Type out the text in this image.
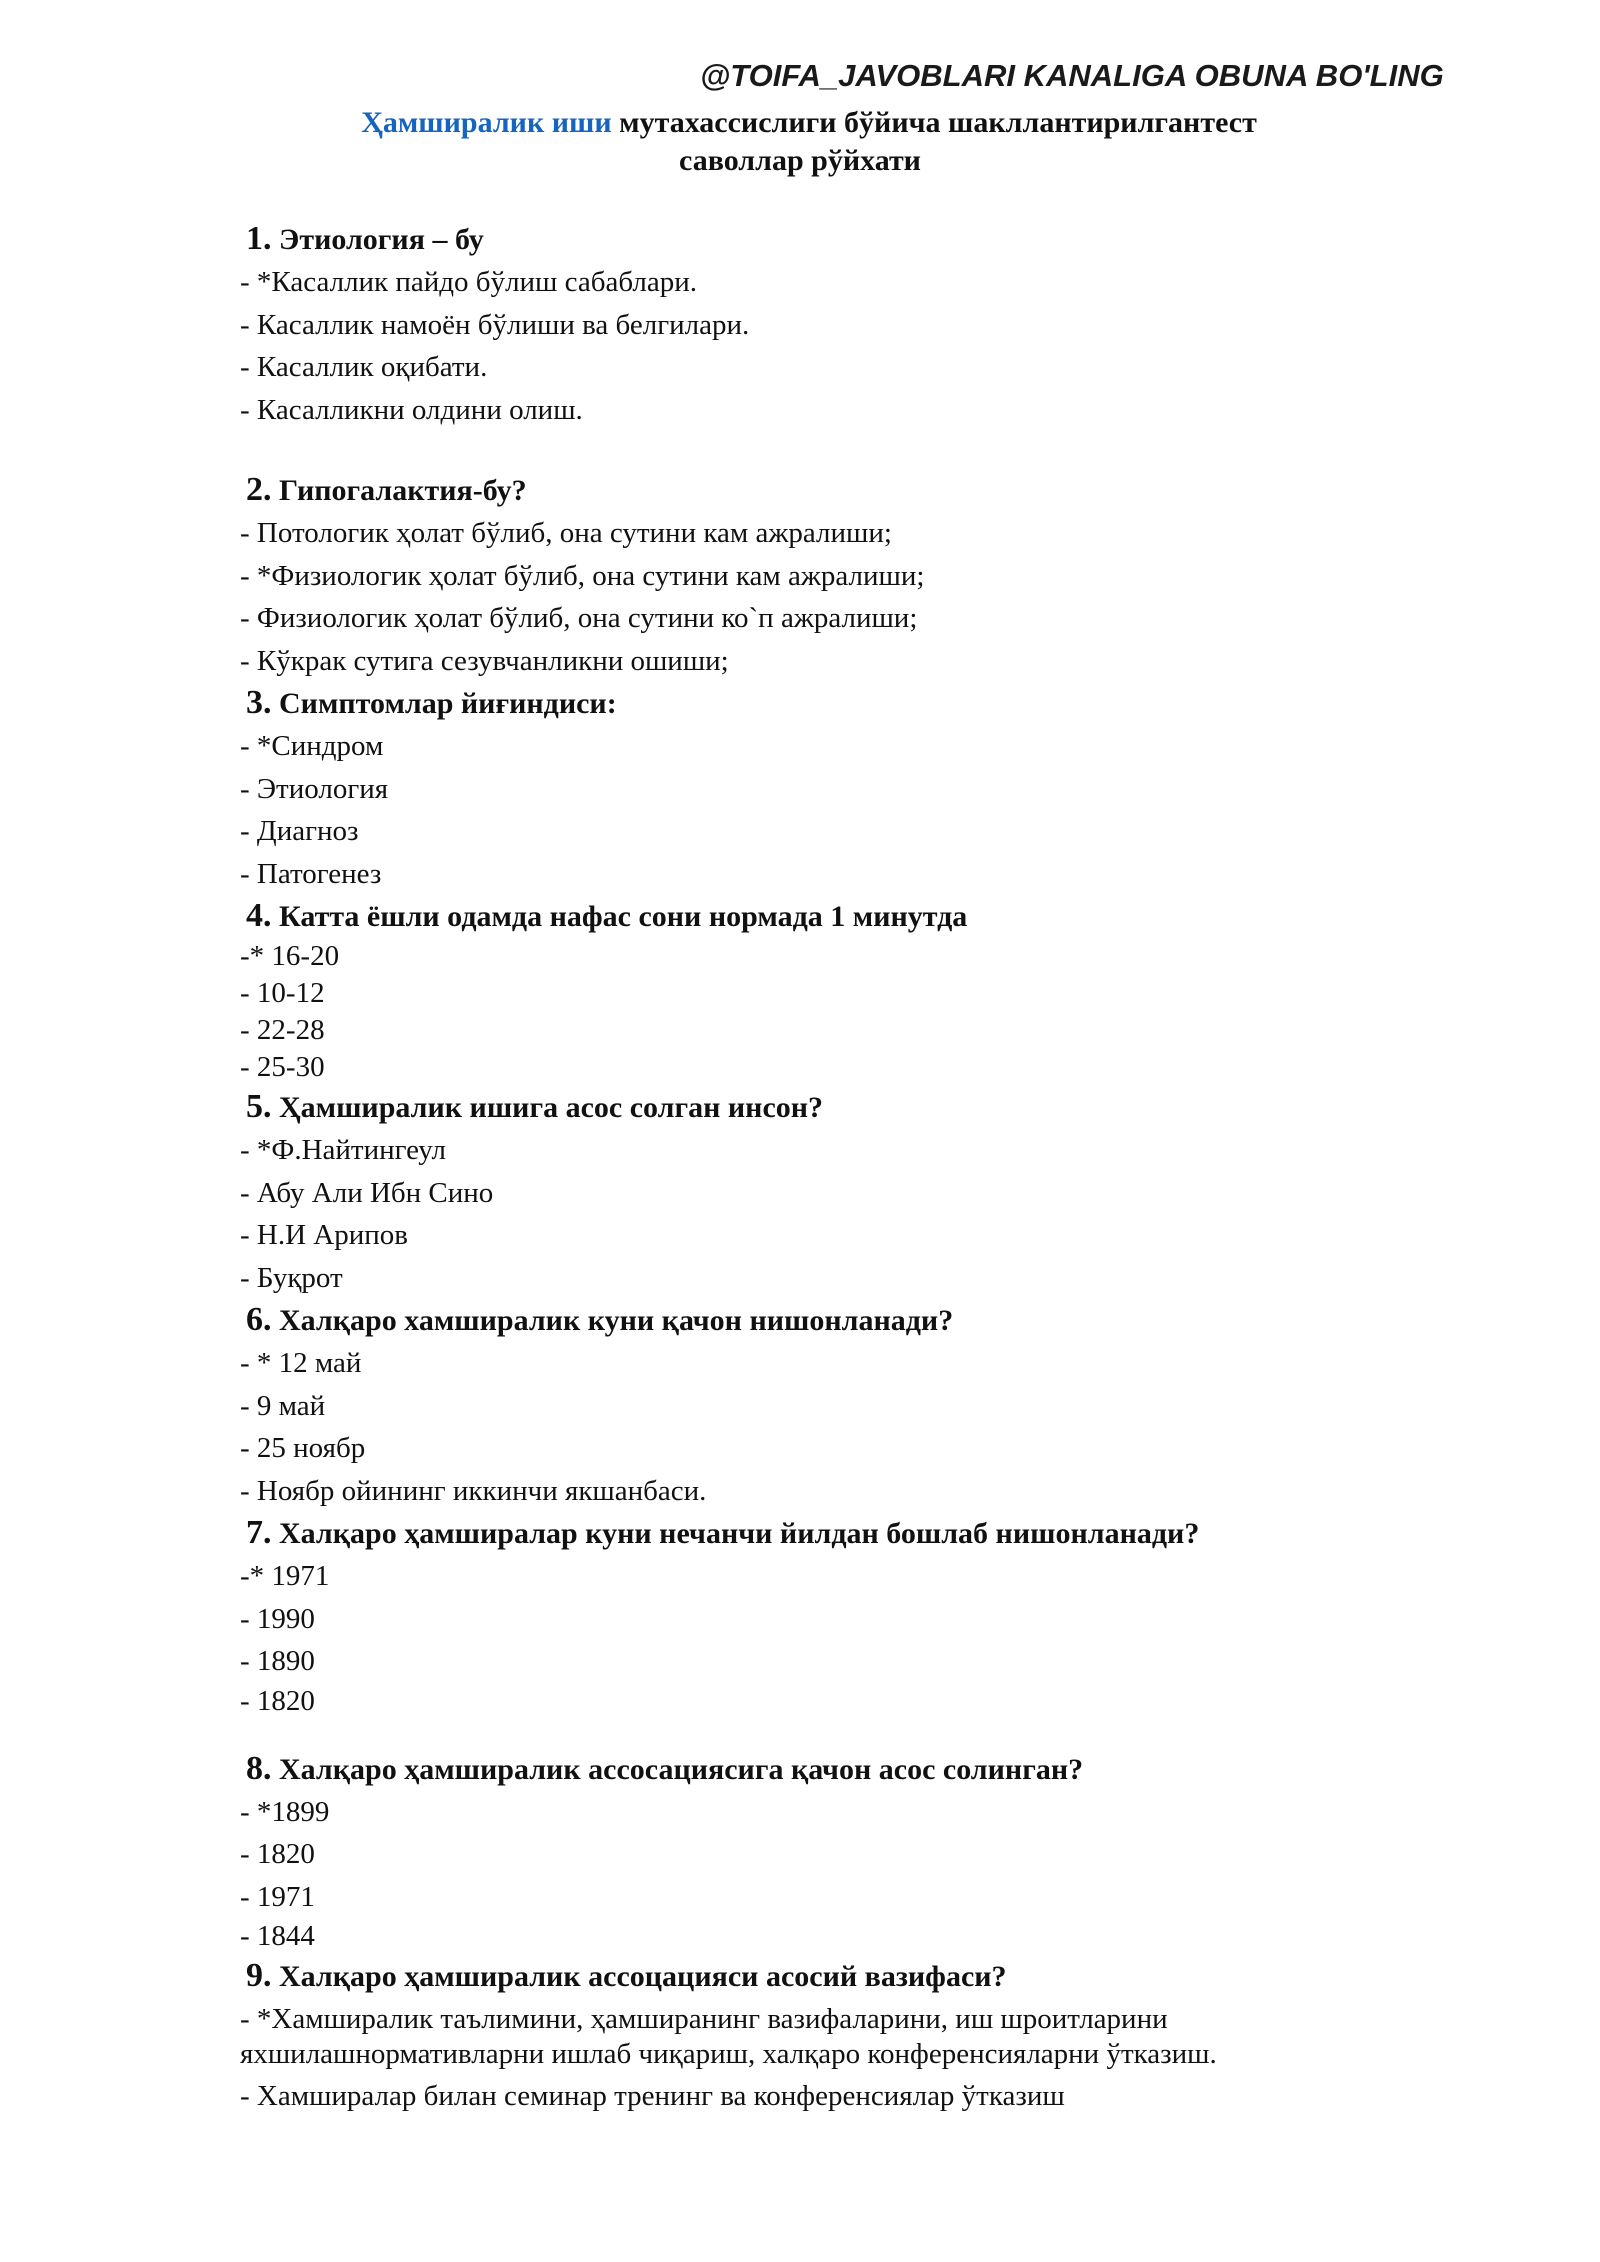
@TOIFA_JAVOBLARI KANALIGA OBUNA BO'LING
Ҳамширалик иши мутахассислиги бўйича шакллантирилгантест
саволлар рўйхати
1. Этиология – бу
- *Касаллик пайдо бўлиш сабаблари.
- Касаллик намоён бўлиши ва белгилари.
- Касаллик оқибати.
- Касалликни олдини олиш.
2. Гипогалактия-бу?
- Потологик ҳолат бўлиб, она сутини кам ажралиши;
- *Физиологик ҳолат бўлиб, она сутини кам ажралиши;
- Физиологик ҳолат бўлиб, она сутини ко`п ажралиши;
- Кўкрак сутига сезувчанликни ошиши;
3. Симптомлар йиғиндиси:
- *Синдром
- Этиология
- Диагноз
- Патогенез
4. Катта ёшли одамда нафас сони нормада 1 минутда
-* 16-20
- 10-12
- 22-28
- 25-30
5. Ҳамширалик ишига асос солган инсон?
- *Ф.Найтингеул
- Абу Али Ибн Сино
- Н.И Арипов
- Буқрот
6. Халқаро хамширалик куни қачон нишонланади?
- * 12 май
- 9 май
- 25 ноябр
- Ноябр ойининг иккинчи якшанбаси.
7. Халқаро ҳамширалар куни нечанчи йилдан бошлаб нишонланади?
-* 1971
- 1990
- 1890
- 1820
8. Халқаро ҳамширалик ассосациясига қачон асос солинган?
- *1899
- 1820
- 1971
- 1844
9. Халқаро ҳамширалик ассоцацияси асосий вазифаси?
- *Хамширалик таълимини, ҳамширанинг вазифаларини, иш шроитларини яхшилашнормативларни ишлаб чиқариш, халқаро конференсияларни ўтказиш.
- Хамширалар билан семинар тренинг ва конференсиялар ўтказиш
